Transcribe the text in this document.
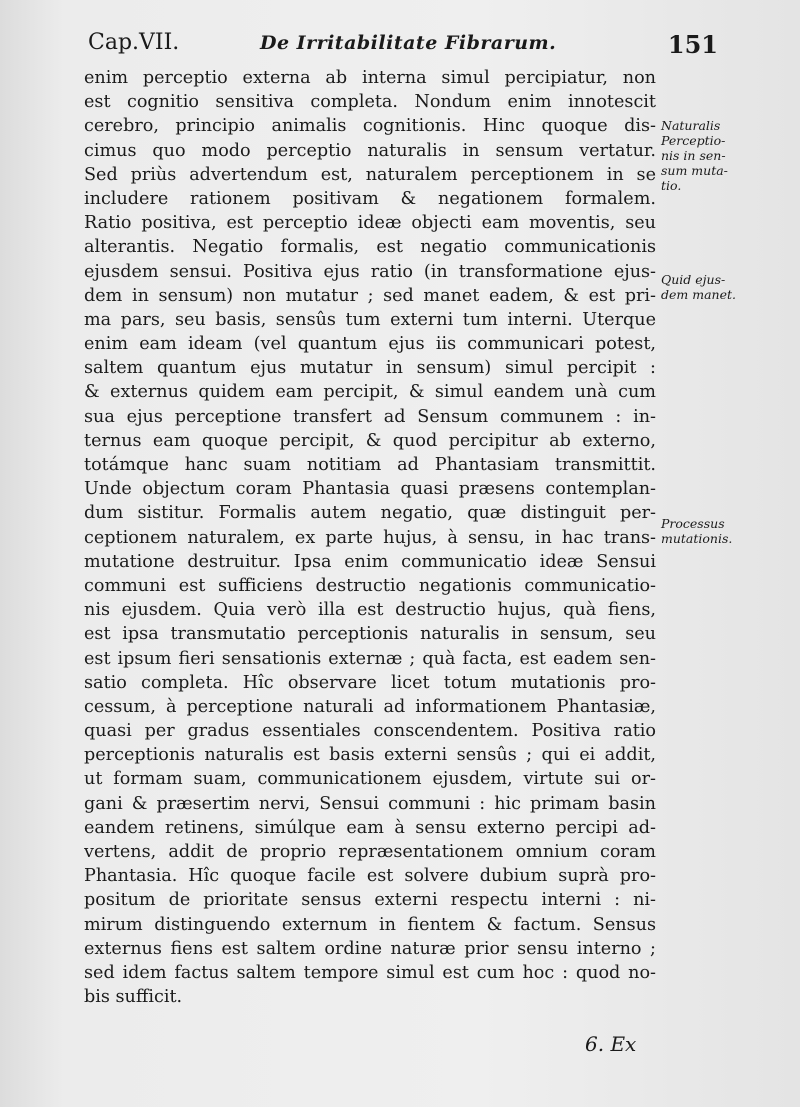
Cap.VII.	De Irritabilitate Fibrarum.	151
enim perceptio externa ab interna simul percipiatur, non
est cognitio sensitiva completa. Nondum enim innotescit
cerebro, principio animalis cognitionis. Hinc quoque dis-
cimus quo modo perceptio naturalis in sensum vertatur.
Sed priùs advertendum est, naturalem perceptionem in se
includere rationem positivam & negationem formalem.
Ratio positiva, est perceptio ideæ objecti eam moventis, seu
alterantis. Negatio formalis, est negatio communicationis
ejusdem sensui. Positiva ejus ratio (in transformatione ejus-
dem in sensum) non mutatur ; sed manet eadem, & est pri-
ma pars, seu basis, sensûs tum externi tum interni. Uterque
enim eam ideam (vel quantum ejus iis communicari potest,
saltem quantum ejus mutatur in sensum) simul percipit :
& externus quidem eam percipit, & simul eandem unà cum
sua ejus perceptione transfert ad Sensum communem : in-
ternus eam quoque percipit, & quod percipitur ab externo,
totámque hanc suam notitiam ad Phantasiam transmittit.
Unde objectum coram Phantasia quasi præsens contemplan-
dum sistitur. Formalis autem negatio, quæ distinguit per-
ceptionem naturalem, ex parte hujus, à sensu, in hac trans-
mutatione destruitur. Ipsa enim communicatio ideæ Sensui
communi est sufficiens destructio negationis communicatio-
nis ejusdem. Quia verò illa est destructio hujus, quà fiens,
est ipsa transmutatio perceptionis naturalis in sensum, seu
est ipsum fieri sensationis externæ ; quà facta, est eadem sen-
satio completa. Hîc observare licet totum mutationis pro-
cessum, à perceptione naturali ad informationem Phantasiæ,
quasi per gradus essentiales conscendentem. Positiva ratio
perceptionis naturalis est basis externi sensûs ; qui ei addit,
ut formam suam, communicationem ejusdem, virtute sui or-
gani & præsertim nervi, Sensui communi : hic primam basin
eandem retinens, simúlque eam à sensu externo percipi ad-
vertens, addit de proprio repræsentationem omnium coram
Phantasia. Hîc quoque facile est solvere dubium suprà pro-
positum de prioritate sensus externi respectu interni : ni-
mirum distinguendo externum in fientem & factum. Sensus
externus fiens est saltem ordine naturæ prior sensu interno ;
sed idem factus saltem tempore simul est cum hoc : quod no-
bis sufficit.
Naturalis
Perceptio-
nis in sen-
sum muta-
tio.
Quid ejus-
dem manet.
Processus
mutationis.
6. Ex
